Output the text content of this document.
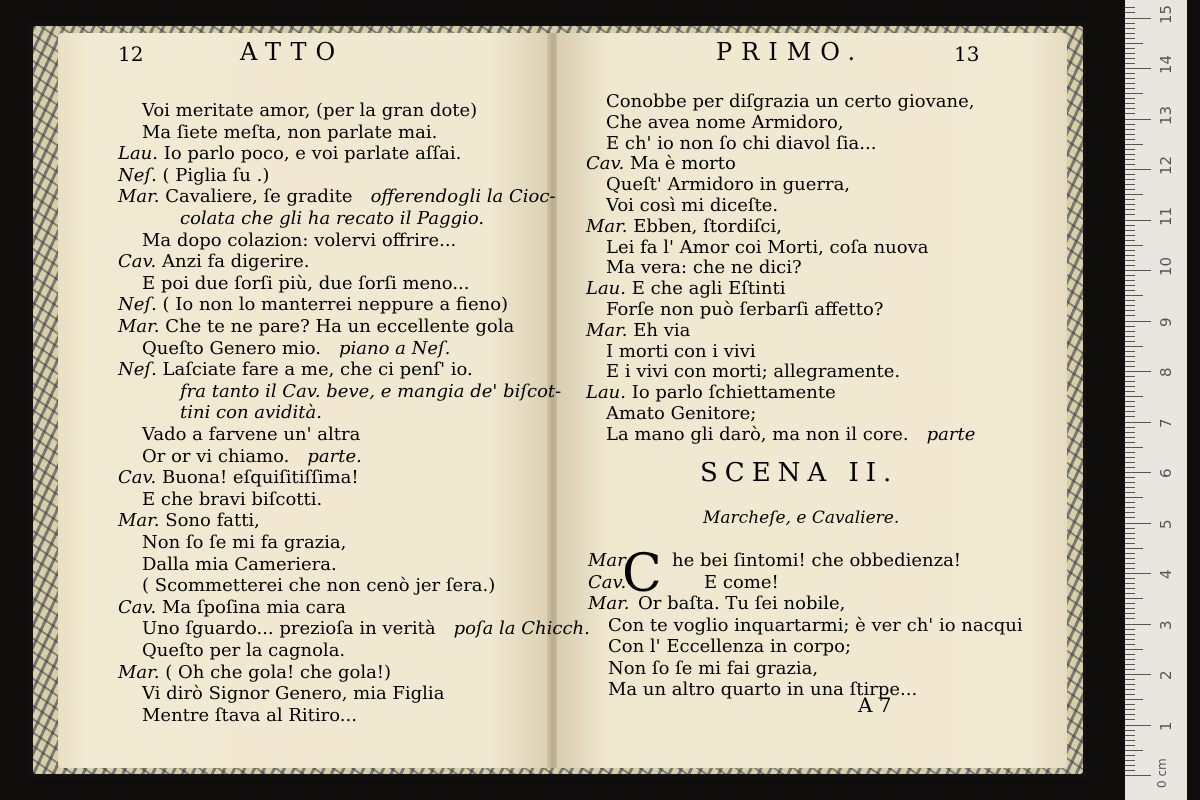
12	ATTO
Voi meritate amor, (per la gran dote)
Ma ſiete meſta, non parlate mai.
Lau. Io parlo poco, e voi parlate aſſai.
Neſ. ( Piglia ſu .)
Mar. Cavaliere, ſe gradite offerendogli la Cioc-
colata che gli ha recato il Paggio.
Ma dopo colazion: volervi offrire...
Cav. Anzi fa digerire.
E poi due ſorſi più, due ſorſi meno...
Neſ. ( Io non lo manterrei neppure a fieno)
Mar. Che te ne pare? Ha un eccellente gola
Queſto Genero mio. piano a Neſ.
Neſ. Laſciate fare a me, che ci penſ' io.
fra tanto il Cav. beve, e mangia de' biſcot-
tini con avidità.
Vado a farvene un' altra
Or or vi chiamo. parte.
Cav. Buona! eſquiſitiſſima!
E che bravi biſcotti.
Mar. Sono fatti,
Non ſo ſe mi fa grazia,
Dalla mia Cameriera.
( Scommetterei che non cenò jer ſera.)
Cav. Ma ſpoſina mia cara
Uno ſguardo... prezioſa in verità poſa la Chicch.
Queſto per la cagnola.
Mar. ( Oh che gola! che gola!)
Vi dirò Signor Genero, mia Figlia
Mentre ſtava al Ritiro...
PRIMO.	13
Conobbe per diſgrazia un certo giovane,
Che avea nome Armidoro,
E ch' io non ſo chi diavol ſia...
Cav. Ma è morto
Queſt' Armidoro in guerra,
Voi così mi diceſte.
Mar. Ebben, ſtordiſci,
Lei fa l' Amor coi Morti, coſa nuova
Ma vera: che ne dici?
Lau. E che agli Eſtinti
Forſe non può ſerbarſi affetto?
Mar. Eh via
I morti con i vivi
E i vivi con morti; allegramente.
Lau. Io parlo ſchiettamente
Amato Genitore;
La mano gli darò, ma non il core. parte
SCENA II.
Marcheſe, e Cavaliere.
C
Mar. he bei ſintomi! che obbedienza!
Cav.	E come!
Mar. Or baſta. Tu ſei nobile,
Con te voglio inquartarmi; è ver ch' io nacqui
Con l' Eccellenza in corpo;
Non ſo ſe mi fai grazia,
Ma un altro quarto in una ſtirpe...
A 7
0 cm
1
2
3
4
5
6
7
8
9
10
11
12
13
14
15
